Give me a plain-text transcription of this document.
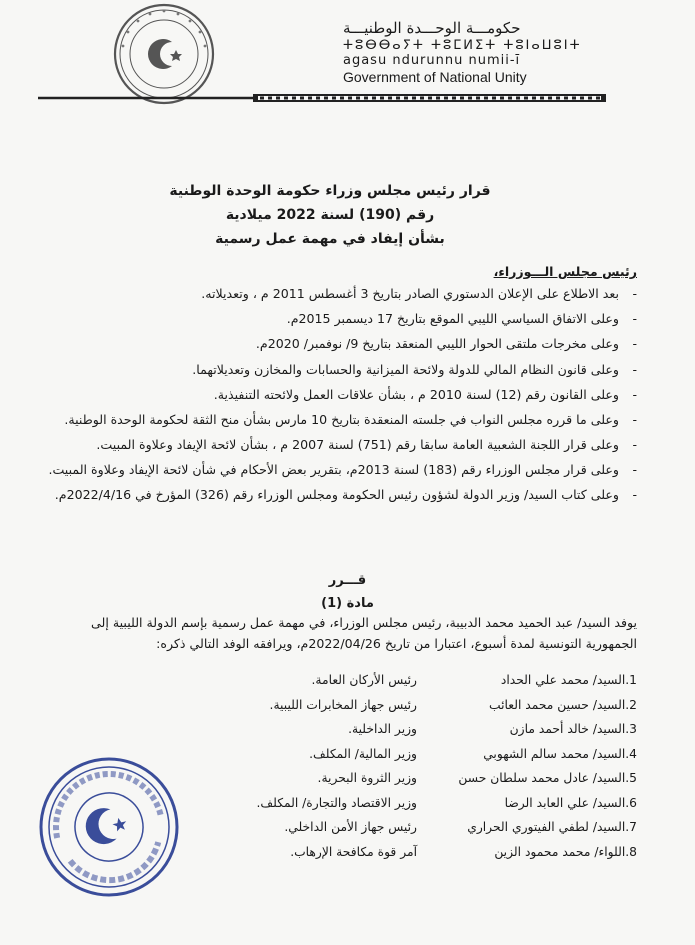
حكومـــة الوحـــدة الوطنيـــة
ⵜⵓⴱⴱⴰⵢⵜ ⵜⵓⵎⵍⵉⵜ ⵜⵓⵏⴰⵡⵓⵏⵜ
agasu ndurunnu numii-ī
Government of National Unity
قرار رئيس مجلس وزراء حكومة الوحدة الوطنية
رقم (190) لسنة 2022 ميلادية
بشأن إيفاد في مهمة عمل رسمية
رئيس مجلس الـــوزراء،
-
بعد الاطلاع على الإعلان الدستوري الصادر بتاريخ 3 أغسطس 2011 م ، وتعديلاته.
-
وعلى الاتفاق السياسي الليبي الموقع بتاريخ 17 ديسمبر 2015م.
-
وعلى مخرجات ملتقى الحوار الليبي المنعقد بتاريخ 9/ نوفمبر/ 2020م.
-
وعلى قانون النظام المالي للدولة ولائحة الميزانية والحسابات والمخازن وتعديلاتهما.
-
وعلى القانون رقم (12) لسنة 2010 م ، بشأن علاقات العمل ولائحته التنفيذية.
-
وعلى ما قرره مجلس النواب في جلسته المنعقدة بتاريخ 10 مارس بشأن منح الثقة لحكومة الوحدة الوطنية.
-
وعلى قرار اللجنة الشعبية العامة سابقا رقم (751) لسنة 2007 م ، بشأن لائحة الإيفاد وعلاوة المبيت.
-
وعلى قرار مجلس الوزراء رقم (183) لسنة 2013م، بتقرير بعض الأحكام في شأن لائحة الإيفاد وعلاوة المبيت.
-
وعلى كتاب السيد/ وزير الدولة لشؤون رئيس الحكومة ومجلس الوزراء رقم (326) المؤرخ في 2022/4/16م.
قـــرر
مادة (1)
يوفد السيد/ عبد الحميد محمد الدبيبة، رئيس مجلس الوزراء، في مهمة عمل رسمية بإسم الدولة الليبية إلى الجمهورية التونسية لمدة أسبوع، اعتبارا من تاريخ 2022/04/26م، ويرافقه الوفد التالي ذكره:
1.السيد/ محمد علي الحداد
رئيس الأركان العامة.
2.السيد/ حسين محمد العائب
رئيس جهاز المخابرات الليبية.
3.السيد/ خالد أحمد مازن
وزير الداخلية.
4.السيد/ محمد سالم الشهوبي
وزير المالية/ المكلف.
5.السيد/ عادل محمد سلطان حسن
وزير الثروة البحرية.
6.السيد/ علي العابد الرضا
وزير الاقتصاد والتجارة/ المكلف.
7.السيد/ لطفي الفيتوري الحراري
رئيس جهاز الأمن الداخلي.
8.اللواء/ محمد محمود الزين
آمر قوة مكافحة الإرهاب.
